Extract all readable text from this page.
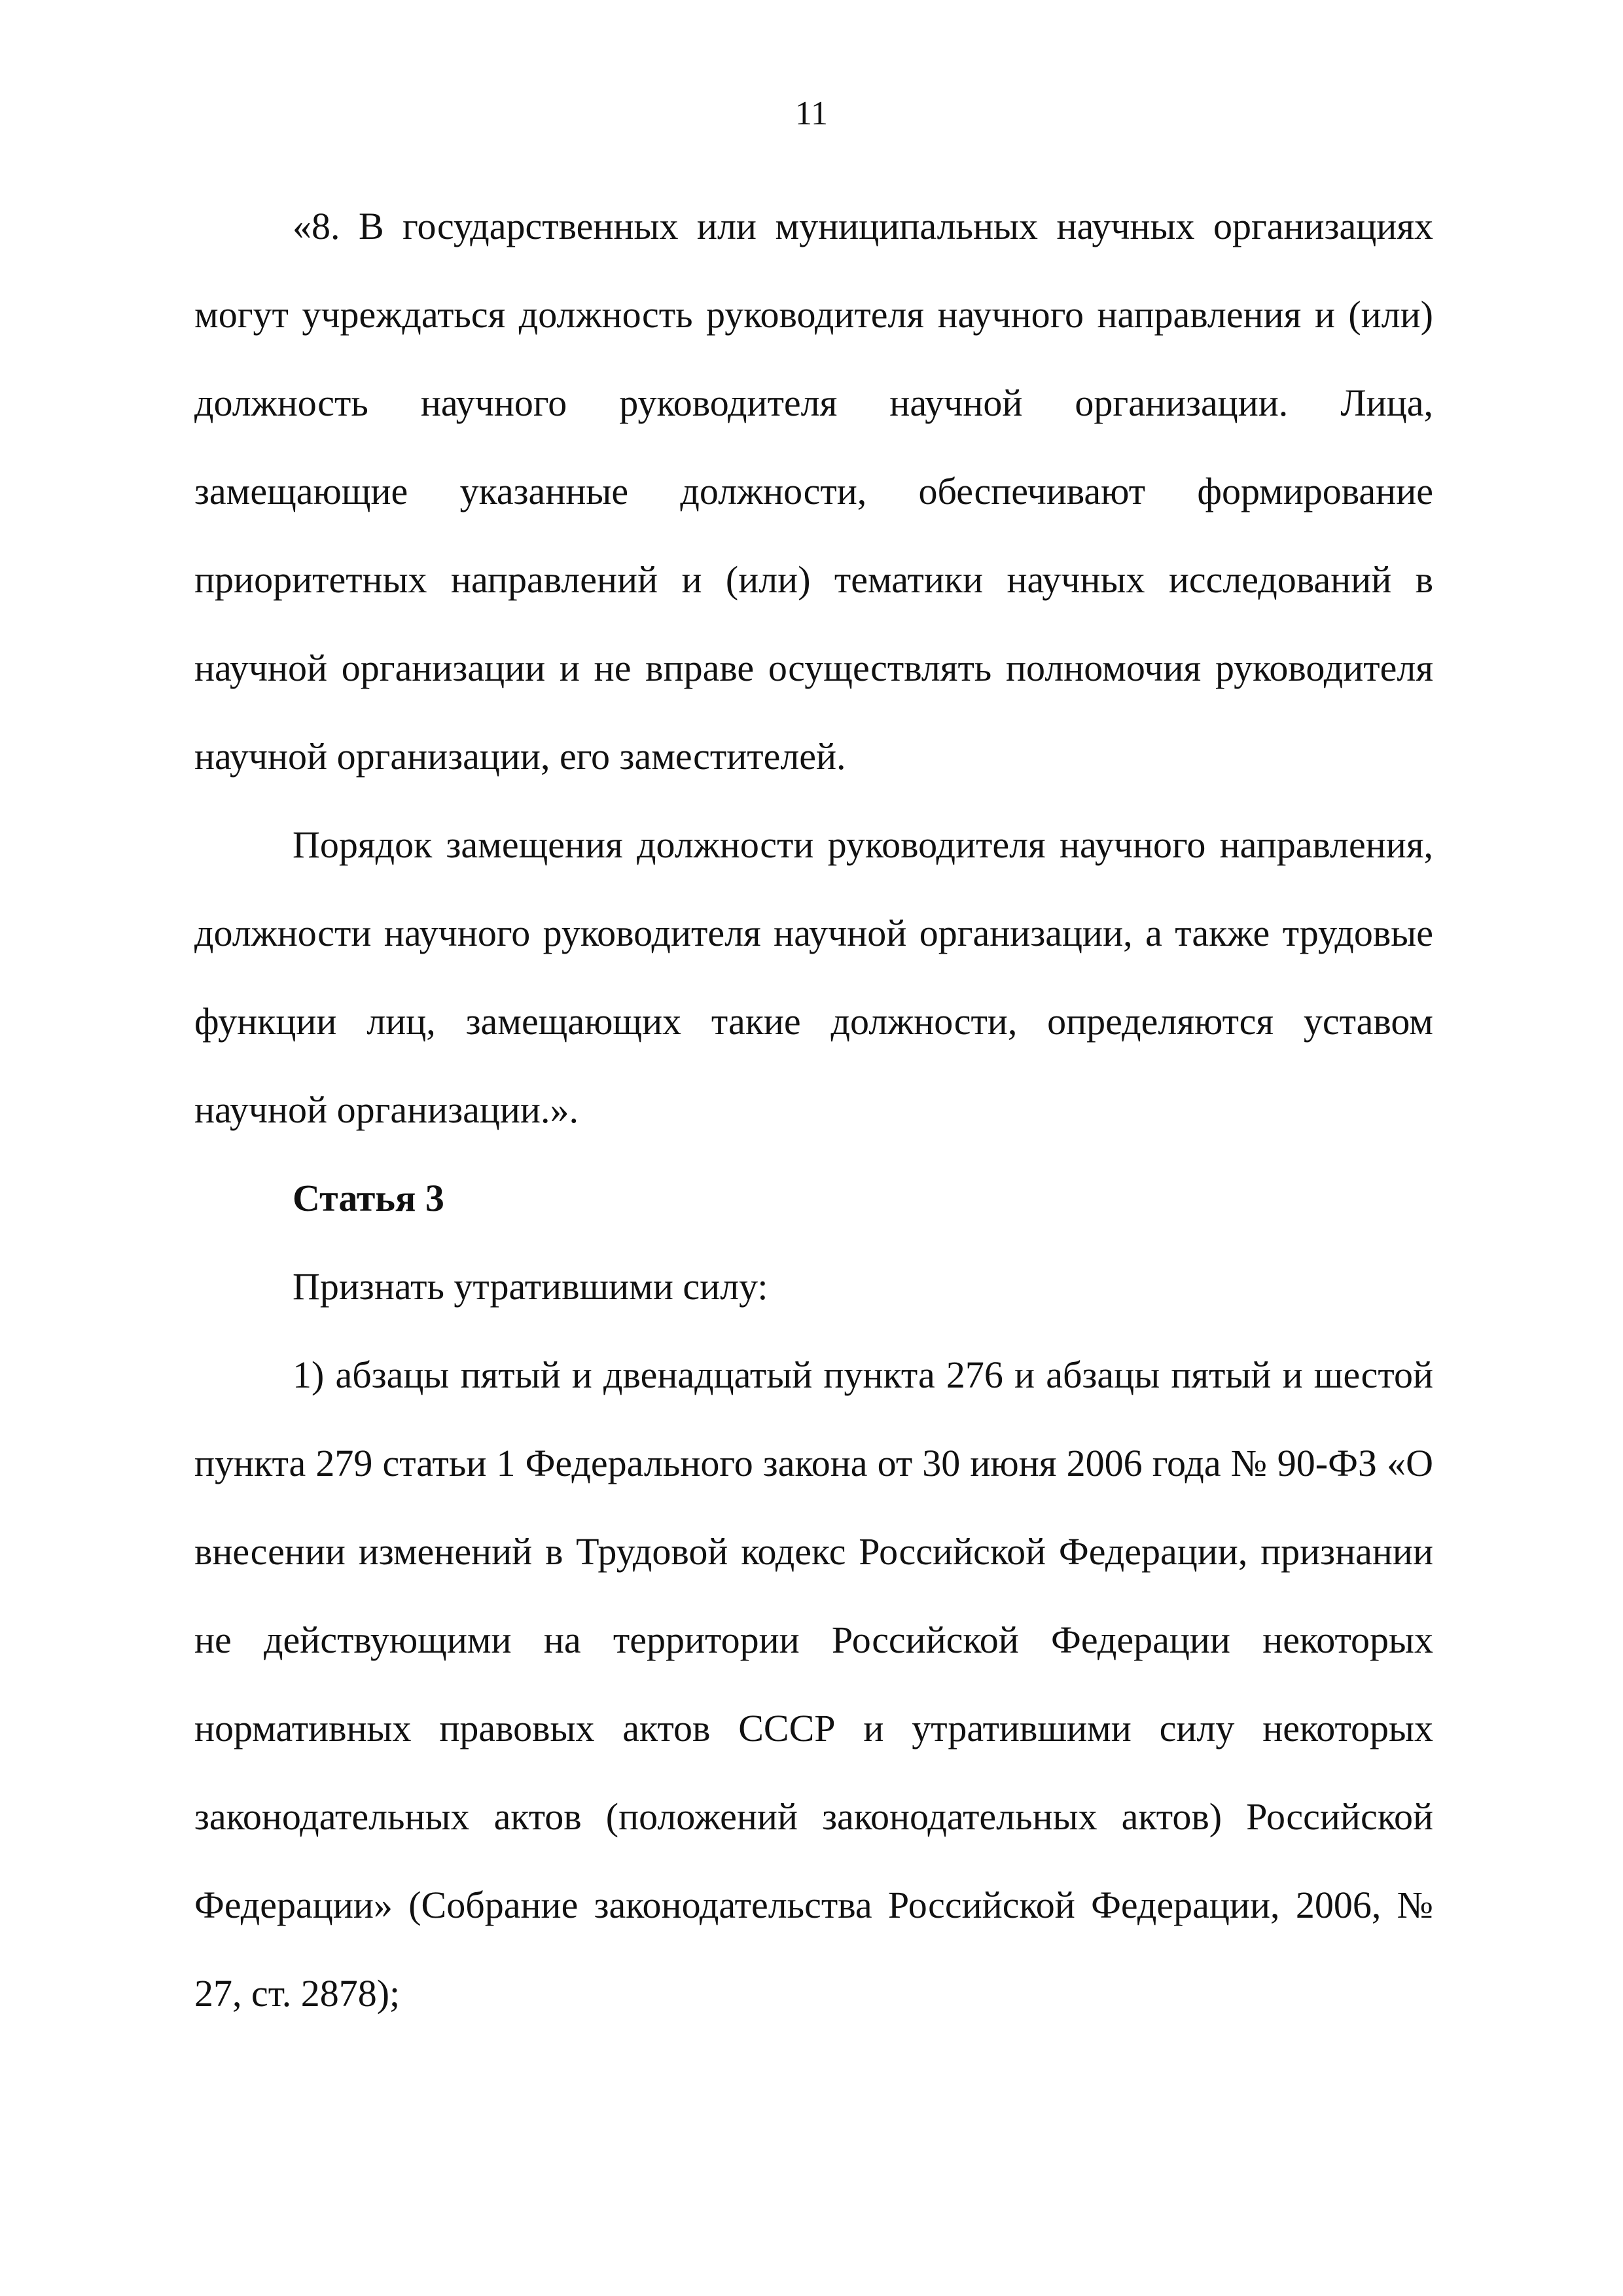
11

«8. В государственных или муниципальных научных организациях могут учреждаться должность руководителя научного направления и (или) должность научного руководителя научной организации. Лица, замещающие указанные должности, обеспечивают формирование приоритетных направлений и (или) тематики научных исследований в научной организации и не вправе осуществлять полномочия руководителя научной организации, его заместителей.

Порядок замещения должности руководителя научного направления, должности научного руководителя научной организации, а также трудовые функции лиц, замещающих такие должности, определяются уставом научной организации.».

Статья 3

Признать утратившими силу:

1) абзацы пятый и двенадцатый пункта 276 и абзацы пятый и шестой пункта 279 статьи 1 Федерального закона от 30 июня 2006 года № 90-ФЗ «О внесении изменений в Трудовой кодекс Российской Федерации, признании не действующими на территории Российской Федерации некоторых нормативных правовых актов СССР и утратившими силу некоторых законодательных актов (положений законодательных актов) Российской Федерации» (Собрание законодательства Российской Федерации, 2006, № 27, ст. 2878);
